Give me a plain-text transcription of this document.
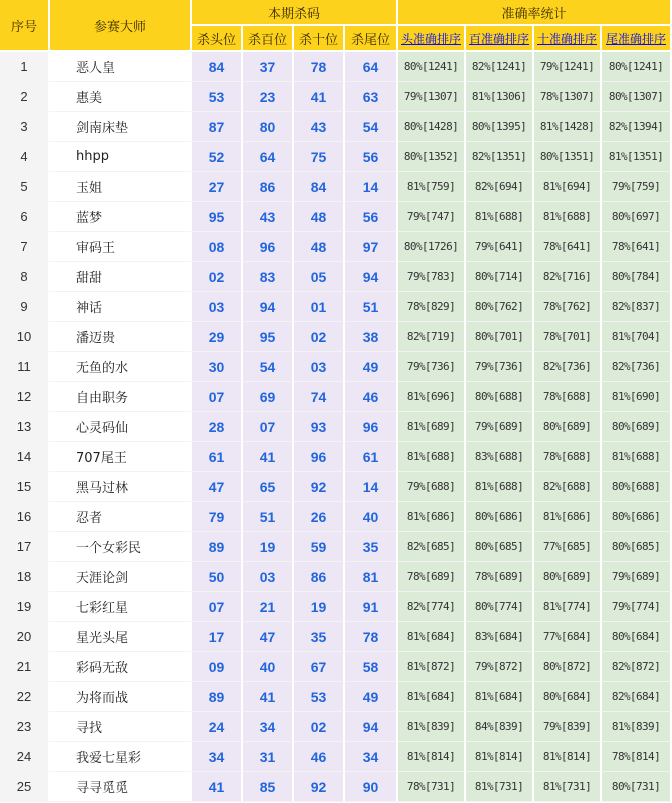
序号	参赛大师	本期杀码				准确率统计			
		杀头位	杀百位	杀十位	杀尾位	头准确排序	百准确排序	十准确排序	尾准确排序
1	恶人皇	84	37	78	64	80%[1241]	82%[1241]	79%[1241]	80%[1241]
2	惠美	53	23	41	63	79%[1307]	81%[1306]	78%[1307]	80%[1307]
3	剑南床垫	87	80	43	54	80%[1428]	80%[1395]	81%[1428]	82%[1394]
4	hhpp	52	64	75	56	80%[1352]	82%[1351]	80%[1351]	81%[1351]
5	玉姐	27	86	84	14	81%[759]	82%[694]	81%[694]	79%[759]
6	蓝梦	95	43	48	56	79%[747]	81%[688]	81%[688]	80%[697]
7	审码王	08	96	48	97	80%[1726]	79%[641]	78%[641]	78%[641]
8	甜甜	02	83	05	94	79%[783]	80%[714]	82%[716]	80%[784]
9	神话	03	94	01	51	78%[829]	80%[762]	78%[762]	82%[837]
10	潘迈贵	29	95	02	38	82%[719]	80%[701]	78%[701]	81%[704]
11	无鱼的水	30	54	03	49	79%[736]	79%[736]	82%[736]	82%[736]
12	自由职务	07	69	74	46	81%[696]	80%[688]	78%[688]	81%[690]
13	心灵码仙	28	07	93	96	81%[689]	79%[689]	80%[689]	80%[689]
14	707尾王	61	41	96	61	81%[688]	83%[688]	78%[688]	81%[688]
15	黑马过林	47	65	92	14	79%[688]	81%[688]	82%[688]	80%[688]
16	忍者	79	51	26	40	81%[686]	80%[686]	81%[686]	80%[686]
17	一个女彩民	89	19	59	35	82%[685]	80%[685]	77%[685]	80%[685]
18	天涯论剑	50	03	86	81	78%[689]	78%[689]	80%[689]	79%[689]
19	七彩红星	07	21	19	91	82%[774]	80%[774]	81%[774]	79%[774]
20	星光头尾	17	47	35	78	81%[684]	83%[684]	77%[684]	80%[684]
21	彩码无敌	09	40	67	58	81%[872]	79%[872]	80%[872]	82%[872]
22	为将而战	89	41	53	49	81%[684]	81%[684]	80%[684]	82%[684]
23	寻找	24	34	02	94	81%[839]	84%[839]	79%[839]	81%[839]
24	我爱七星彩	34	31	46	34	81%[814]	81%[814]	81%[814]	78%[814]
25	寻寻觅觅	41	85	92	90	78%[731]	81%[731]	81%[731]	80%[731]
